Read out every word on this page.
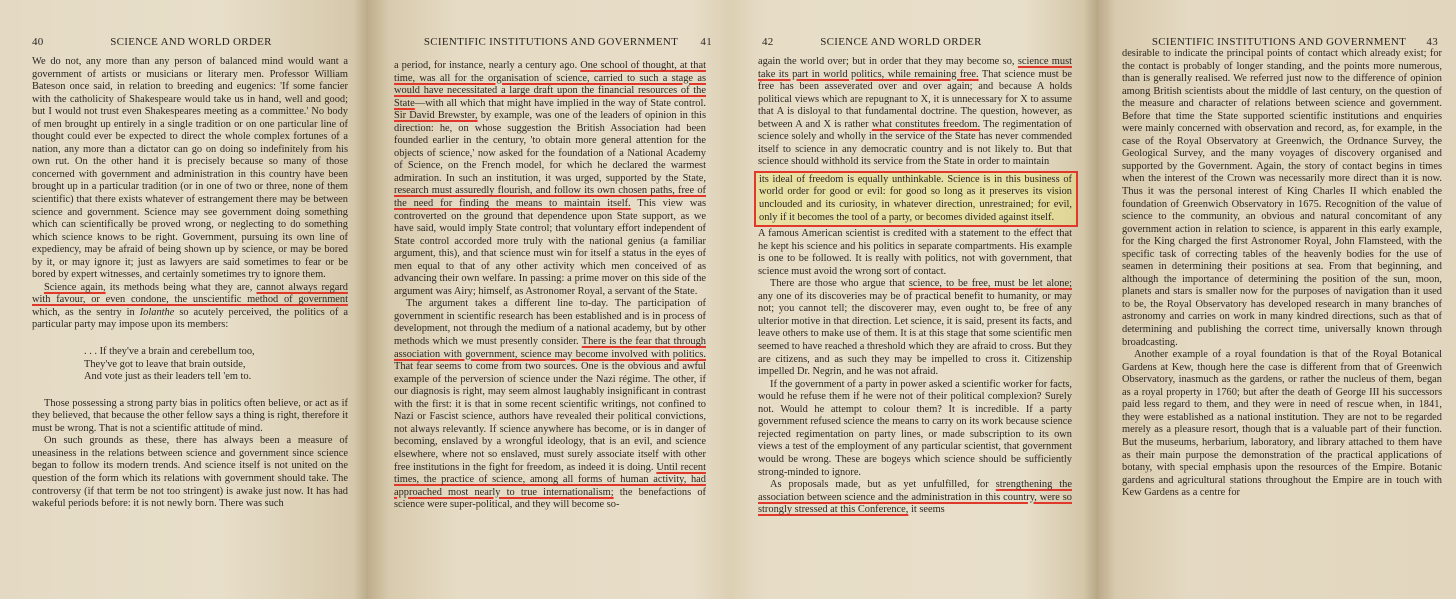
40	SCIENCE AND WORLD ORDER

We do not, any more than any person of balanced mind would want a government of artists or musicians or literary men. Professor William Bateson once said, in relation to breeding and eugenics: 'If some fancier with the catholicity of Shakespeare would take us in hand, well and good; but I would not trust even Shakespeares meeting as a committee.' No body of men brought up entirely in a single tradition or on one particular line of thought could ever be expected to direct the whole complex fortunes of a nation, any more than a dictator can go on doing so indefinitely from his own rut. On the other hand it is precisely because so many of those concerned with government and administration in this country have been brought up in a particular tradition (or in one of two or three, none of them scientific) that there exists whatever of estrangement there may be between science and government. Science may see government doing something which can scientifically be proved wrong, or neglecting to do something which science knows to be right. Government, pursuing its own line of expediency, may be afraid of being shown up by science, or may be bored by it, or may ignore it; just as lawyers are said sometimes to fear or be bored by expert witnesses, and certainly sometimes try to ignore them.

Science again, its methods being what they are, cannot always regard with favour, or even condone, the unscientific method of government which, as the sentry in Iolanthe so acutely perceived, the politics of a particular party may impose upon its members:

. . . If they've a brain and cerebellum too,
They've got to leave that brain outside,
And vote just as their leaders tell 'em to.

Those possessing a strong party bias in politics often believe, or act as if they believed, that because the other fellow says a thing is right, therefore it must be wrong. That is not a scientific attitude of mind.

On such grounds as these, there has always been a measure of uneasiness in the relations between science and government since science began to follow its modern trends. And science itself is not united on the question of the form which its relations with government should take. The controversy (if that term be not too stringent) is awake just now. It has had wakeful periods before: it is not newly born. There was such

SCIENTIFIC INSTITUTIONS AND GOVERNMENT	41

a period, for instance, nearly a century ago. One school of thought, at that time, was all for the organisation of science, carried to such a stage as would have necessitated a large draft upon the financial resources of the State—with all which that might have implied in the way of State control. Sir David Brewster, by example, was one of the leaders of opinion in this direction: he, on whose suggestion the British Association had been founded earlier in the century, 'to obtain more general attention for the objects of science,' now asked for the foundation of a National Academy of Science, on the French model, for which he declared the warmest admiration. In such an institution, it was urged, supported by the State, research must assuredly flourish, and follow its own chosen paths, free of the need for finding the means to maintain itself. This view was controverted on the ground that dependence upon State support, as we have said, would imply State control; that voluntary effort independent of State control accorded more truly with the national genius (a familiar argument, this), and that science must win for itself a status in the eyes of men equal to that of any other activity which men conceived of as advancing their own welfare. In passing: a prime mover on this side of the argument was Airy; himself, as Astronomer Royal, a servant of the State.

The argument takes a different line to-day. The participation of government in scientific research has been established and is in process of development, not through the medium of a national academy, but by other methods which we must presently consider. There is the fear that through association with government, science may become involved with politics. That fear seems to come from two sources. One is the obvious and awful example of the perversion of science under the Nazi régime. The other, if our diagnosis is right, may seem almost laughably insignificant in contrast with the first: it is that in some recent scientific writings, not confined to Nazi or Fascist science, authors have revealed their political convictions, not always relevantly. If science anywhere has become, or is in danger of becoming, enslaved by a wrongful ideology, that is an evil, and science elsewhere, where not so enslaved, must surely associate itself with other free institutions in the fight for freedom, as indeed it is doing. Until recent times, the practice of science, among all forms of human activity, had approached most nearly to true internationalism; the benefactions of science were super-political, and they will become so-

42	SCIENCE AND WORLD ORDER

again the world over; but in order that they may become so, science must take its part in world politics, while remaining free. That science must be free has been asseverated over and over again; and because A holds political views which are repugnant to X, it is unnecessary for X to assume that A is disloyal to that fundamental doctrine. The question, however, as between A and X is rather what constitutes freedom. The regimentation of science solely and wholly in the service of the State has never commended itself to science in any democratic country and is not likely to. But that science should withhold its service from the State in order to maintain

its ideal of freedom is equally unthinkable. Science is in this business of world order for good or evil: for good so long as it preserves its vision unclouded and its curiosity, in whatever direction, unrestrained; for evil, only if it becomes the tool of a party, or becomes divided against itself.

A famous American scientist is credited with a statement to the effect that he kept his science and his politics in separate compartments. His example is one to be followed. It is really with politics, not with government, that science must avoid the wrong sort of contact.

There are those who argue that science, to be free, must be let alone; any one of its discoveries may be of practical benefit to humanity, or may not; you cannot tell; the discoverer may, even ought to, be free of any ulterior motive in that direction. Let science, it is said, present its facts, and leave others to make use of them. It is at this stage that some scientific men seemed to have reached a threshold which they are afraid to cross. But they are citizens, and as such they may be impelled to cross it. Citizenship impelled Dr. Negrin, and he was not afraid.

If the government of a party in power asked a scientific worker for facts, would he refuse them if he were not of their political complexion? Surely not. Would he attempt to colour them? It is incredible. If a party government refused science the means to carry on its work because science rejected regimentation on party lines, or made subscription to its own views a test of the employment of any particular scientist, that government would be wrong. These are bogeys which science should be sufficiently strong-minded to ignore.

As proposals made, but as yet unfulfilled, for strengthening the association between science and the administration in this country, were so strongly stressed at this Conference, it seems

SCIENTIFIC INSTITUTIONS AND GOVERNMENT 43

desirable to indicate the principal points of contact which already exist; for the contact is probably of longer standing, and the points more numerous, than is generally realised. We referred just now to the difference of opinion among British scientists about the middle of last century, on the question of the measure and character of relations between science and government. Before that time the State supported scientific institutions and enquiries were mainly concerned with observation and record, as, for example, in the case of the Royal Observatory at Greenwich, the Ordnance Survey, the Geological Survey, and the many voyages of discovery organised and supported by the Government. Again, the story of contact begins in times when the interest of the Crown was necessarily more direct than it is now. Thus it was the personal interest of King Charles II which enabled the foundation of Greenwich Observatory in 1675. Recognition of the value of science to the community, an obvious and natural concomitant of any government action in relation to science, is apparent in this early example, for the King charged the first Astronomer Royal, John Flamsteed, with the specific task of correcting tables of the heavenly bodies for the use of seamen in determining their positions at sea. From that beginning, and although the importance of determining the position of the sun, moon, planets and stars is smaller now for the purposes of navigation than it used to be, the Royal Observatory has developed research in many branches of astronomy and carries on work in many kindred directions, such as that of determining and publishing the correct time, universally known through broadcasting.

Another example of a royal foundation is that of the Royal Botanical Gardens at Kew, though here the case is different from that of Greenwich Observatory, inasmuch as the gardens, or rather the nucleus of them, began as a royal property in 1760; but after the death of George III his successors paid less regard to them, and they were in need of rescue when, in 1841, they were established as a national institution. They are not to be regarded merely as a pleasure resort, though that is a valuable part of their function. But the museums, herbarium, laboratory, and library attached to them have as their main purpose the demonstration of the practical applications of botany, with special emphasis upon the resources of the Empire. Botanic gardens and agricultural stations throughout the Empire are in touch with Kew Gardens as a centre for
